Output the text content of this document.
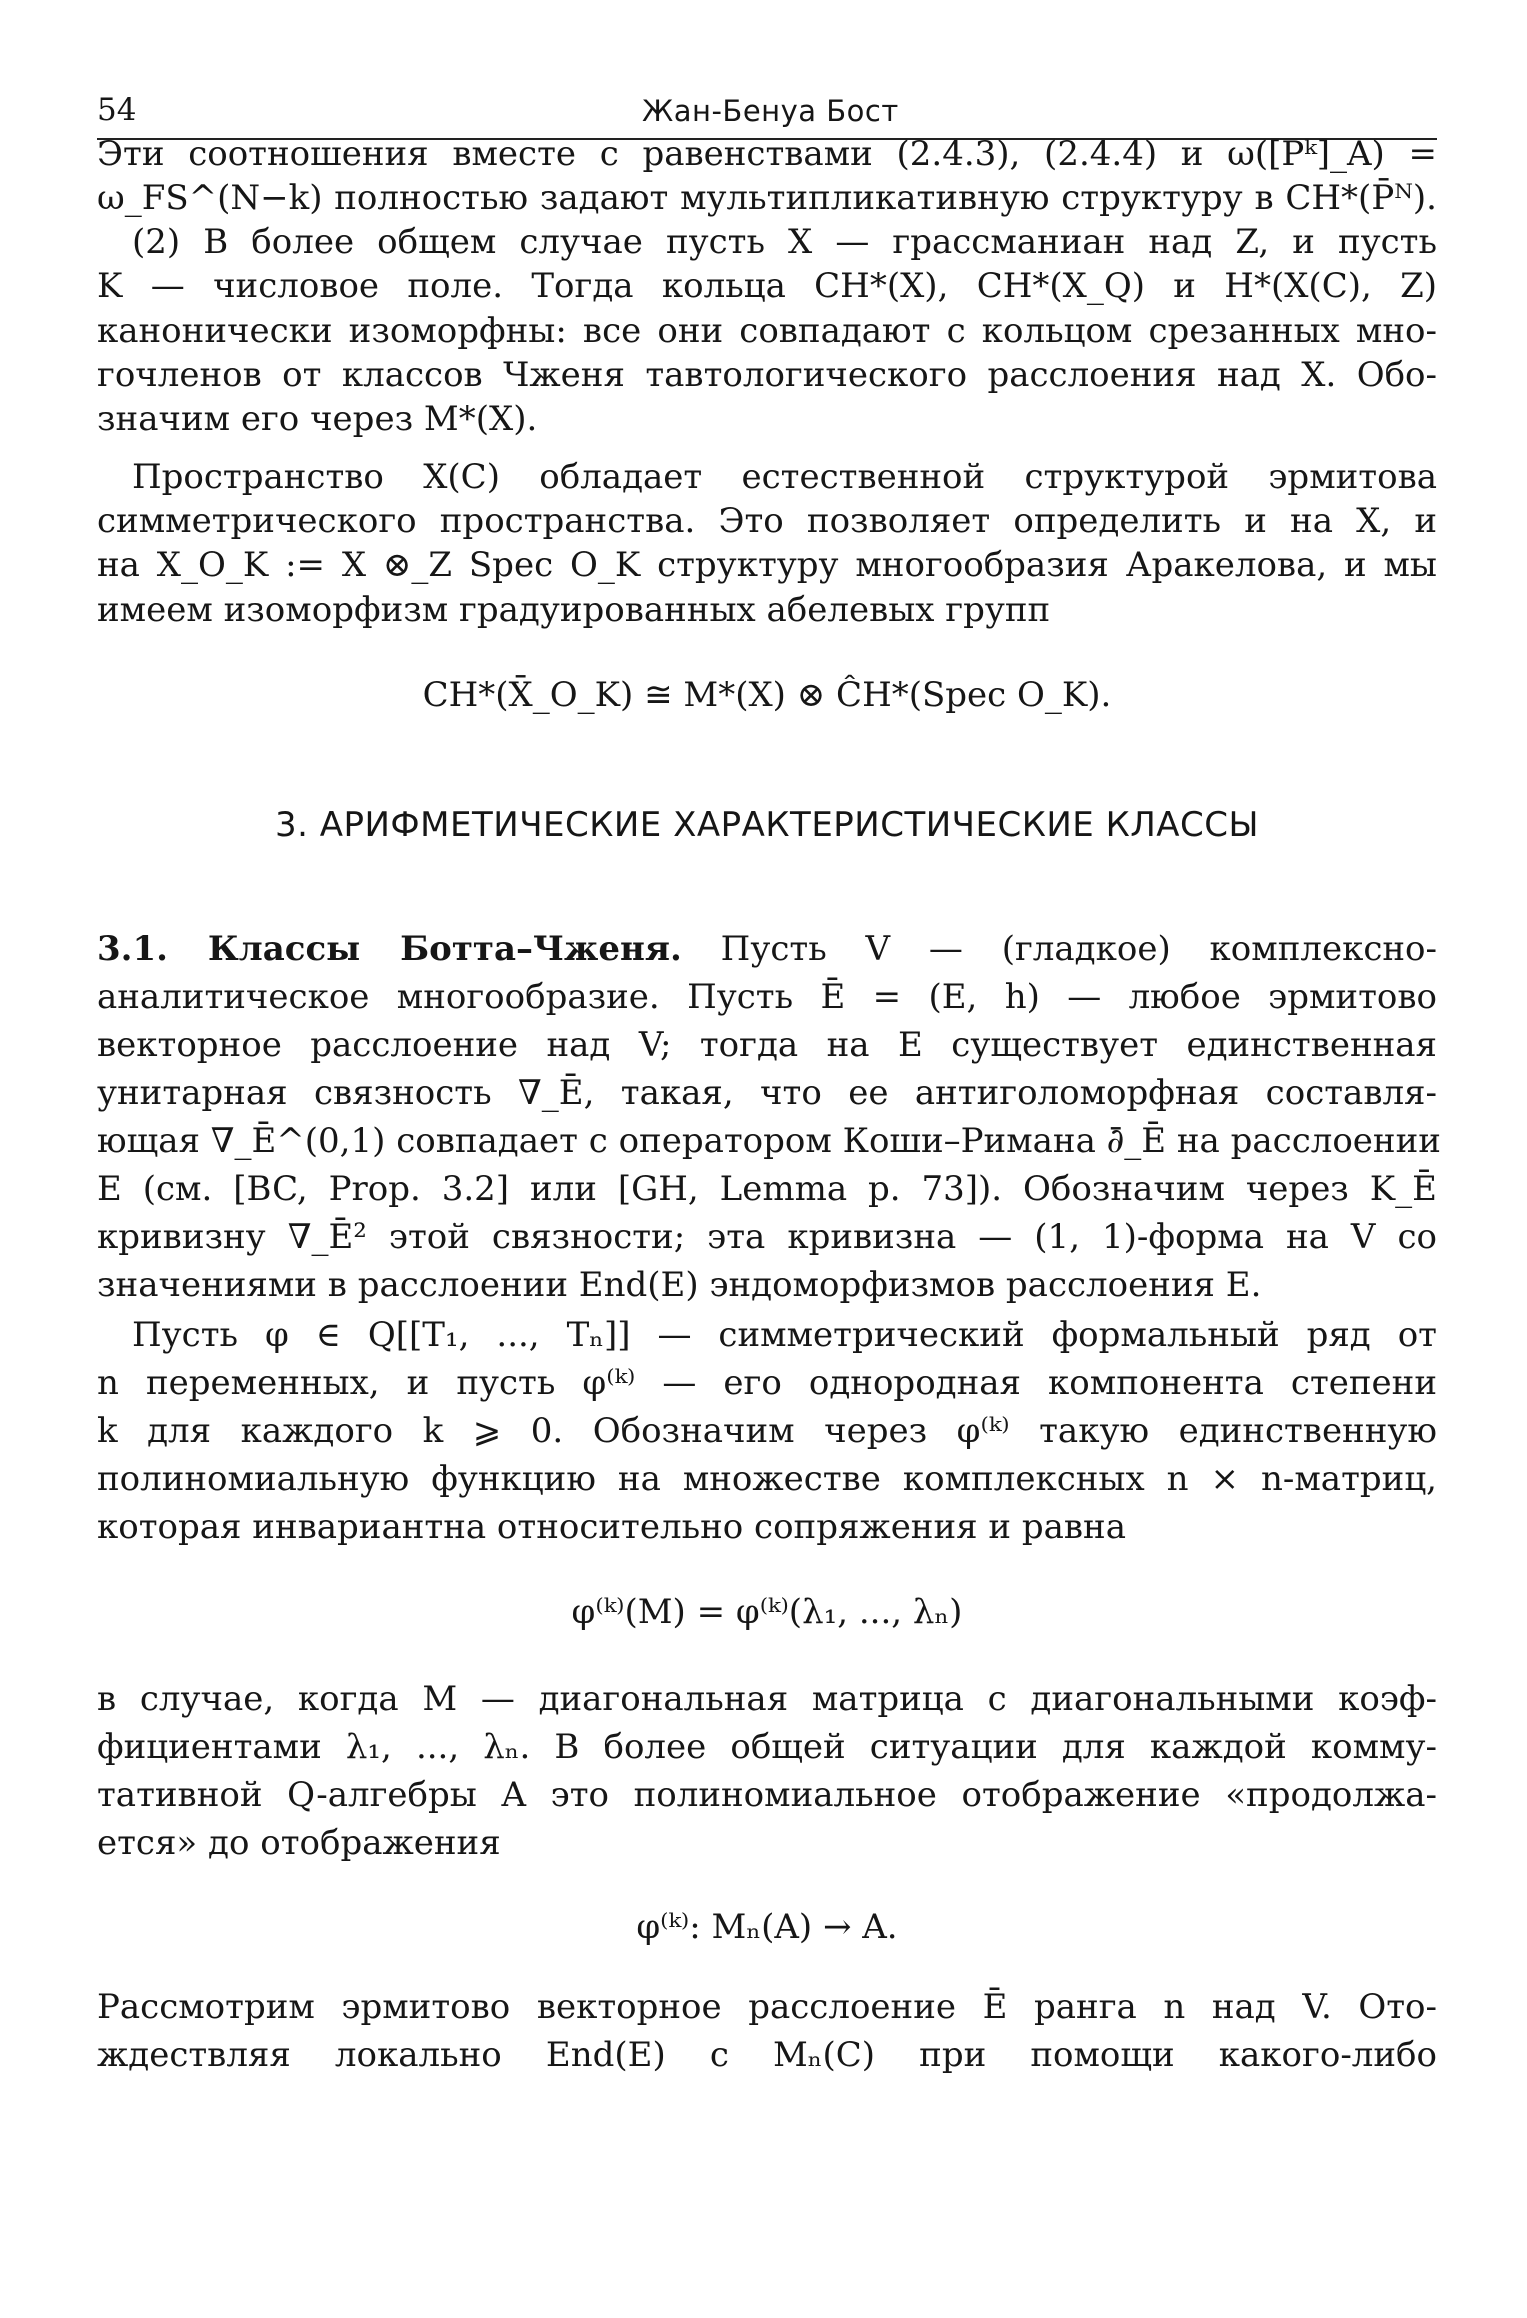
54	Жан-Бенуа Бост
Эти соотношения вместе с равенствами (2.4.3), (2.4.4) и ω([Pᵏ]_A) =
ω_FS^(N−k) полностью задают мультипликативную структуру в CH*(P̄ᴺ).
(2) В более общем случае пусть X — грассманиан над Z, и пусть
K — числовое поле. Тогда кольца CH*(X), CH*(X_Q) и H*(X(C), Z)
канонически изоморфны: все они совпадают с кольцом срезанных мно-
гочленов от классов Чженя тавтологического расслоения над X. Обо-
значим его через M*(X).
Пространство X(C) обладает естественной структурой эрмитова
симметрического пространства. Это позволяет определить и на X, и
на X_O_K := X ⊗_Z Spec O_K структуру многообразия Аракелова, и мы
имеем изоморфизм градуированных абелевых групп
CH*(X̄_O_K) ≅ M*(X) ⊗ ĈH*(Spec O_K).
3. АРИФМЕТИЧЕСКИЕ ХАРАКТЕРИСТИЧЕСКИЕ КЛАССЫ
3.1. Классы Ботта–Чженя. Пусть V — (гладкое) комплексно-
аналитическое многообразие. Пусть Ē = (E, h) — любое эрмитово
векторное расслоение над V; тогда на E существует единственная
унитарная связность ∇_Ē, такая, что ее антиголоморфная составля-
ющая ∇_Ē^(0,1) совпадает с оператором Коши–Римана ∂̄_Ē на расслоении
E (см. [BC, Prop. 3.2] или [GH, Lemma p. 73]). Обозначим через K_Ē
кривизну ∇_Ē² этой связности; эта кривизна — (1, 1)-форма на V со
значениями в расслоении End(E) эндоморфизмов расслоения E.
Пусть φ ∈ Q[[T₁, ..., Tₙ]] — симметрический формальный ряд от
n переменных, и пусть φ⁽ᵏ⁾ — его однородная компонента степени
k для каждого k ⩾ 0. Обозначим через φ⁽ᵏ⁾ такую единственную
полиномиальную функцию на множестве комплексных n × n-матриц,
которая инвариантна относительно сопряжения и равна
φ⁽ᵏ⁾(M) = φ⁽ᵏ⁾(λ₁, ..., λₙ)
в случае, когда M — диагональная матрица с диагональными коэф-
фициентами λ₁, ..., λₙ. В более общей ситуации для каждой комму-
тативной Q-алгебры A это полиномиальное отображение «продолжа-
ется» до отображения
φ⁽ᵏ⁾: Mₙ(A) → A.
Рассмотрим эрмитово векторное расслоение Ē ранга n над V. Ото-
ждествляя локально End(E) с Mₙ(C) при помощи какого-либо
